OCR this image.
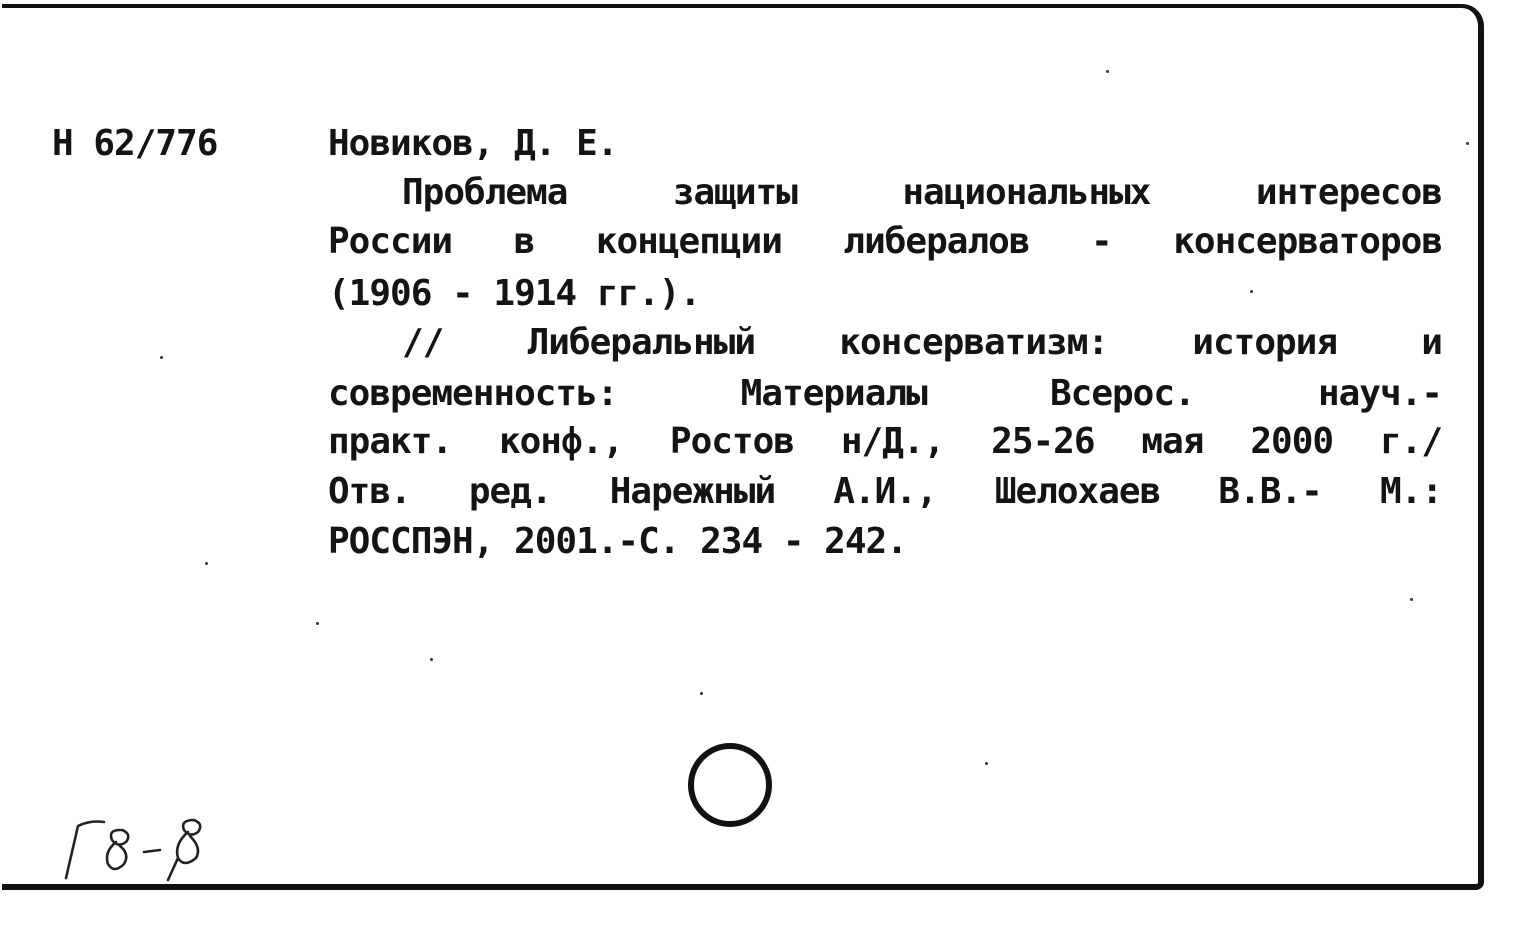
Н 62/776	Новиков, Д. Е.
Проблема	защиты	национальных	интересов
России в концепции либералов - консерваторов
(1906 - 1914 гг.).
// Либеральный консерватизм: история и
современность:	Материалы	Всерос.	науч.-
практ. конф., Ростов н/Д., 25-26 мая 2000 г./
Отв. ред. Нарежный А.И., Шелохаев В.В.- М.:
РОССПЭН, 2001.-С. 234 - 242.
